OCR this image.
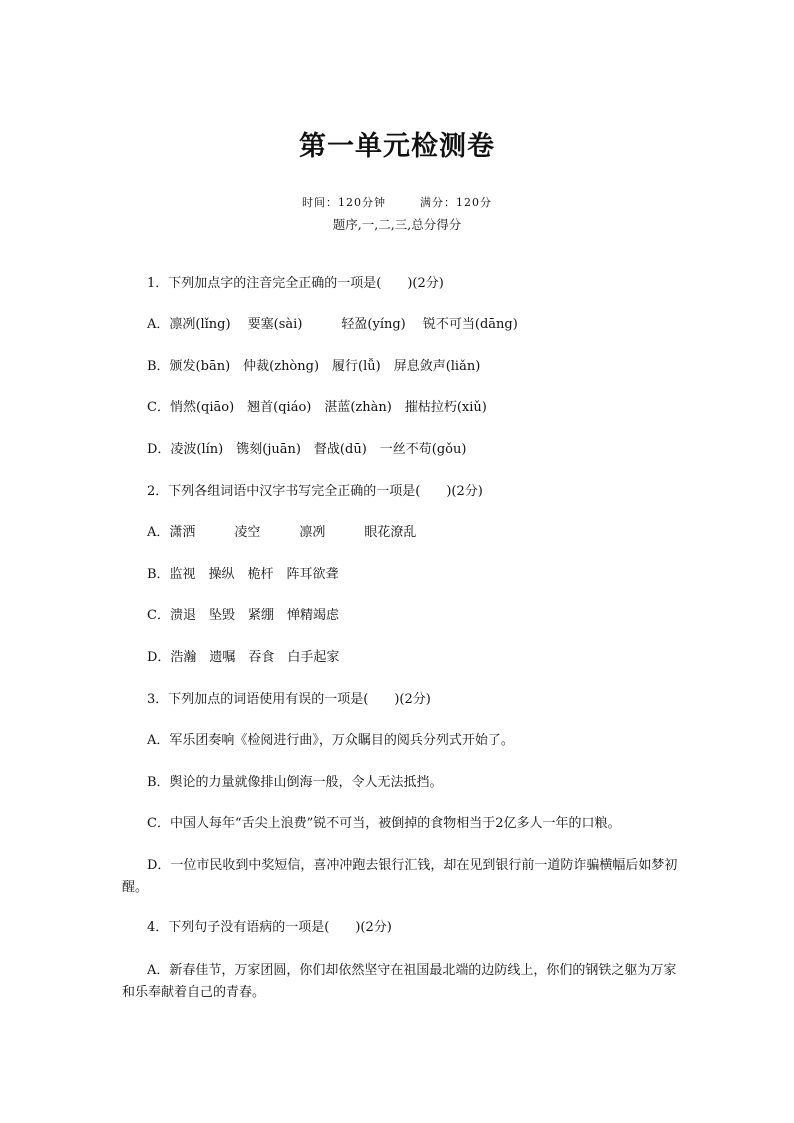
第一单元检测卷
时间：120分钟	满分：120分
题序,一,二,三,总分得分
1．下列加点字的注音完全正确的一项是(　　)(2分)
A．凛冽(lǐng)　 要塞(sài)　　　轻盈(yíng)　 锐不可当(dāng)
B．颁发(bān)　仲裁(zhòng)　履行(lǚ)　屏息敛声(liǎn)
C．悄然(qiāo)　翘首(qiáo)　湛蓝(zhàn)　摧枯拉朽(xiǔ)
D．凌波(lín)　镌刻(juān)　督战(dū)　一丝不苟(gǒu)
2．下列各组词语中汉字书写完全正确的一项是(　　)(2分)
A．潇洒　　　凌空　　　凛冽　　　眼花潦乱
B．监视　操纵　桅杆　阵耳欲聋
C．溃退　坠毁　紧绷　惮精竭虑
D．浩瀚　遗嘱　吞食　白手起家
3．下列加点的词语使用有误的一项是(　　)(2分)
A．军乐团奏响《检阅进行曲》，万众瞩目的阅兵分列式开始了。
B．舆论的力量就像排山倒海一般，令人无法抵挡。
C．中国人每年“舌尖上浪费”锐不可当，被倒掉的食物相当于2亿多人一年的口粮。
D．一位市民收到中奖短信，喜冲冲跑去银行汇钱，却在见到银行前一道防诈骗横幅后如梦初醒。
4．下列句子没有语病的一项是(　　)(2分)
A．新春佳节，万家团圆，你们却依然坚守在祖国最北端的边防线上，你们的钢铁之躯为万家和乐奉献着自己的青春。
